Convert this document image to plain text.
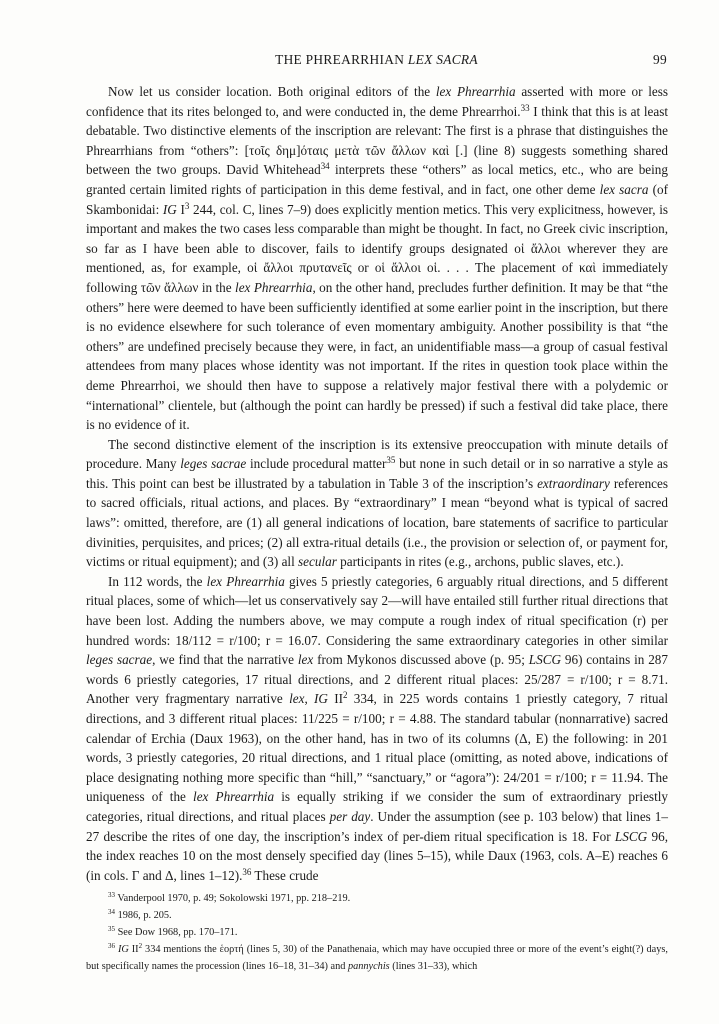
THE PHREARRHIAN LEX SACRA	99

Now let us consider location. Both original editors of the lex Phrearrhia asserted with more or less confidence that its rites belonged to, and were conducted in, the deme Phrearrhoi.$^{33}$ I think that this is at least debatable. Two distinctive elements of the inscription are relevant: The first is a phrase that distinguishes the Phrearrhians from “others”: [τοῖς δημ]όταις μετὰ τῶν ἄλλων καὶ [.] (line 8) suggests something shared between the two groups. David Whitehead$^{34}$ interprets these “others” as local metics, etc., who are being granted certain limited rights of participation in this deme festival, and in fact, one other deme lex sacra (of Skambonidai: IG $I^3$ 244, col. C, lines 7–9) does explicitly mention metics. This very explicitness, however, is important and makes the two cases less comparable than might be thought. In fact, no Greek civic inscription, so far as I have been able to discover, fails to identify groups designated οἱ ἄλλοι wherever they are mentioned, as, for example, οἱ ἄλλοι πρυτανεῖς or οἱ ἄλλοι οἱ. . . . The placement of καὶ immediately following τῶν ἄλλων in the lex Phrearrhia, on the other hand, precludes further definition. It may be that “the others” here were deemed to have been sufficiently identified at some earlier point in the inscription, but there is no evidence elsewhere for such tolerance of even momentary ambiguity. Another possibility is that “the others” are undefined precisely because they were, in fact, an unidentifiable mass—a group of casual festival attendees from many places whose identity was not important. If the rites in question took place within the deme Phrearrhoi, we should then have to suppose a relatively major festival there with a polydemic or “international” clientele, but (although the point can hardly be pressed) if such a festival did take place, there is no evidence of it.

The second distinctive element of the inscription is its extensive preoccupation with minute details of procedure. Many leges sacrae include procedural matter$^{35}$ but none in such detail or in so narrative a style as this. This point can best be illustrated by a tabulation in Table 3 of the inscription’s extraordinary references to sacred officials, ritual actions, and places. By “extraordinary” I mean “beyond what is typical of sacred laws”: omitted, therefore, are (1) all general indications of location, bare statements of sacrifice to particular divinities, perquisites, and prices; (2) all extra-ritual details (i.e., the provision or selection of, or payment for, victims or ritual equipment); and (3) all secular participants in rites (e.g., archons, public slaves, etc.).

In 112 words, the lex Phrearrhia gives 5 priestly categories, 6 arguably ritual directions, and 5 different ritual places, some of which—let us conservatively say 2—will have entailed still further ritual directions that have been lost. Adding the numbers above, we may compute a rough index of ritual specification (r) per hundred words: 18/112 = r/100; r = 16.07. Considering the same extraordinary categories in other similar leges sacrae, we find that the narrative lex from Mykonos discussed above (p. 95; LSCG 96) contains in 287 words 6 priestly categories, 17 ritual directions, and 2 different ritual places: 25/287 = r/100; r = 8.71. Another very fragmentary narrative lex, IG $II^2$ 334, in 225 words contains 1 priestly category, 7 ritual directions, and 3 different ritual places: 11/225 = r/100; r = 4.88. The standard tabular (nonnarrative) sacred calendar of Erchia (Daux 1963), on the other hand, has in two of its columns (Δ, E) the following: in 201 words, 3 priestly categories, 20 ritual directions, and 1 ritual place (omitting, as noted above, indications of place designating nothing more specific than “hill,” “sanctuary,” or “agora”): 24/201 = r/100; r = 11.94. The uniqueness of the lex Phrearrhia is equally striking if we consider the sum of extraordinary priestly categories, ritual directions, and ritual places per day. Under the assumption (see p. 103 below) that lines 1–27 describe the rites of one day, the inscription’s index of per-diem ritual specification is 18. For LSCG 96, the index reaches 10 on the most densely specified day (lines 5–15), while Daux (1963, cols. A–E) reaches 6 (in cols. Γ and Δ, lines 1–12).$^{36}$ These crude

$^{33}$ Vanderpool 1970, p. 49; Sokolowski 1971, pp. 218–219.

$^{34}$ 1986, p. 205.

$^{35}$ See Dow 1968, pp. 170–171.

$^{36}$ IG $II^2$ 334 mentions the ἑορτή (lines 5, 30) of the Panathenaia, which may have occupied three or more of the event’s eight(?) days, but specifically names the procession (lines 16–18, 31–34) and pannychis (lines 31–33), which
